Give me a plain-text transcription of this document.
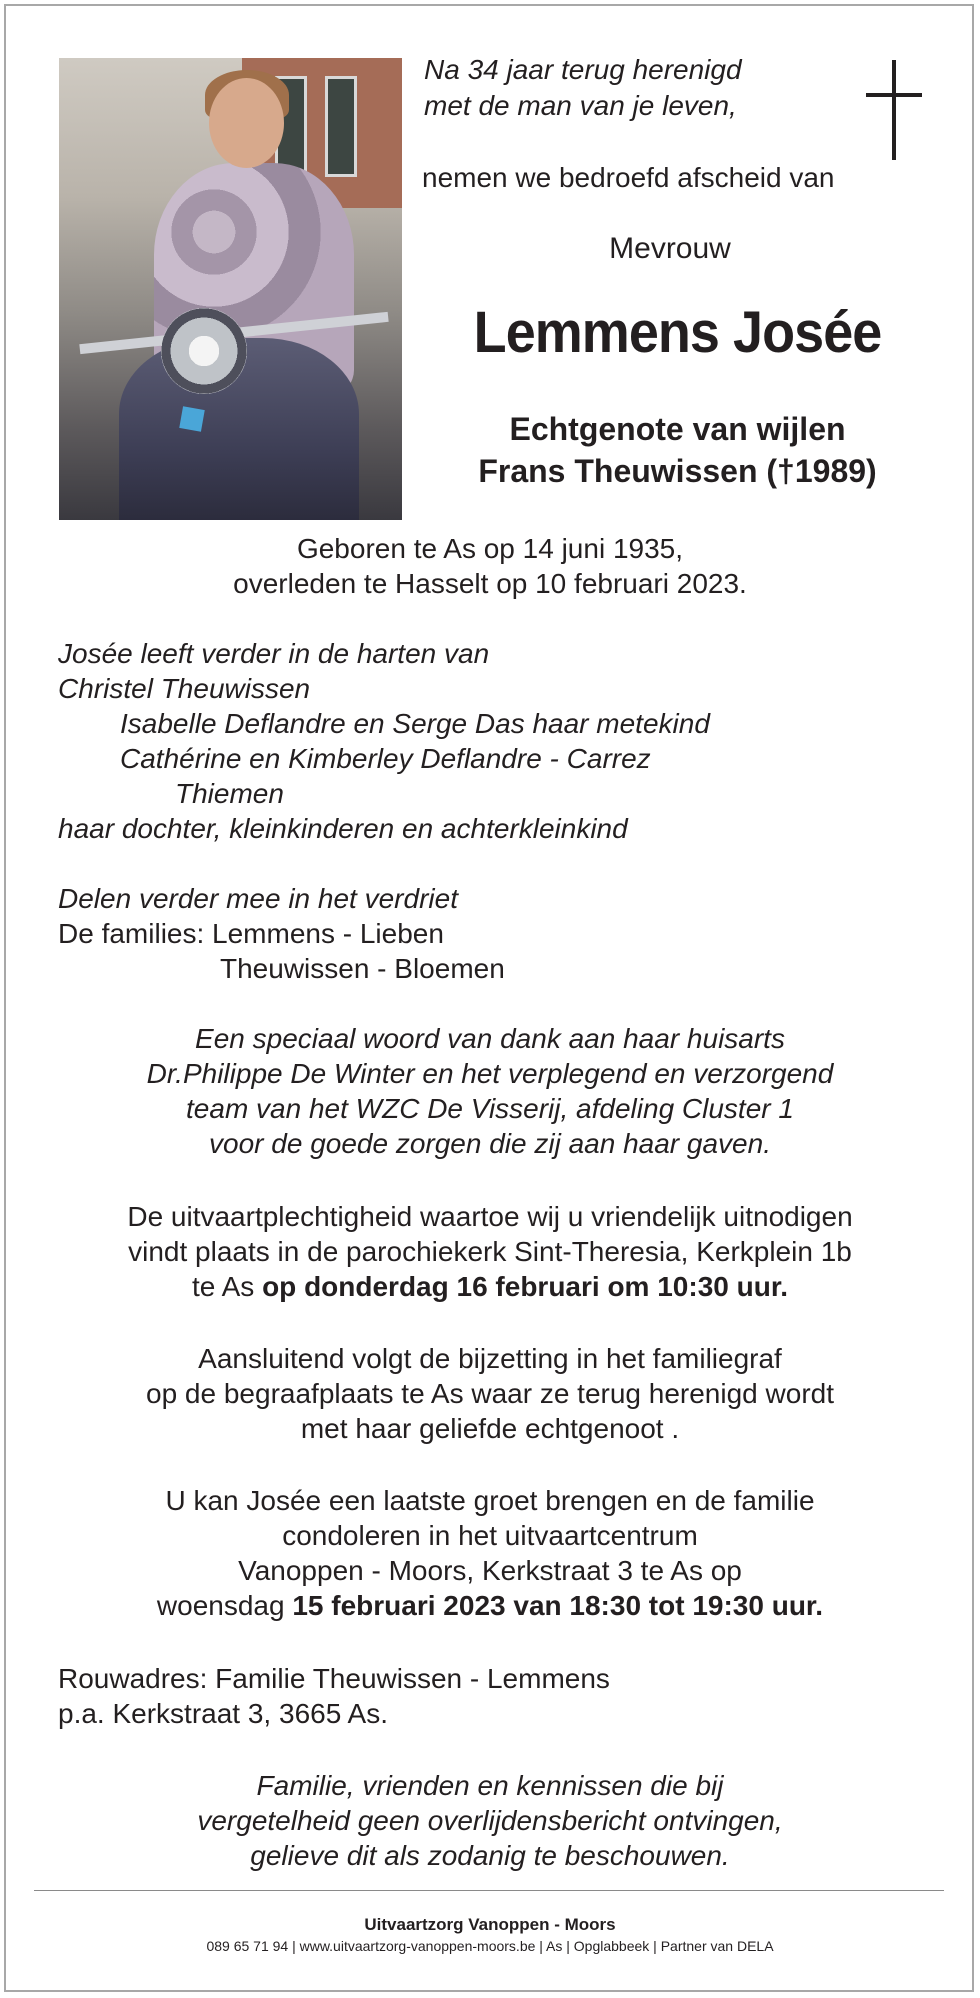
Na 34 jaar terug herenigd
met de man van je leven,
nemen we bedroefd afscheid van
Mevrouw
Lemmens Josée
Echtgenote van wijlen
Frans Theuwissen (†1989)
Geboren te As op 14 juni 1935,
overleden te Hasselt op 10 februari 2023.
Josée leeft verder in de harten van
Christel Theuwissen
Isabelle Deflandre en Serge Das haar metekind
Cathérine en Kimberley Deflandre - Carrez
Thiemen
haar dochter, kleinkinderen en achterkleinkind
Delen verder mee in het verdriet
De families: Lemmens - Lieben
Theuwissen - Bloemen
Een speciaal woord van dank aan haar huisarts
Dr.Philippe De Winter en het verplegend en verzorgend
team van het WZC De Visserij, afdeling Cluster 1
voor de goede zorgen die zij aan haar gaven.
De uitvaartplechtigheid waartoe wij u vriendelijk uitnodigen
vindt plaats in de parochiekerk Sint-Theresia, Kerkplein 1b
te As op donderdag 16 februari om 10:30 uur.
Aansluitend volgt de bijzetting in het familiegraf
op de begraafplaats te As waar ze terug herenigd wordt
met haar geliefde echtgenoot .
U kan Josée een laatste groet brengen en de familie
condoleren in het uitvaartcentrum
Vanoppen - Moors, Kerkstraat 3 te As op
woensdag 15 februari 2023 van 18:30 tot 19:30 uur.
Rouwadres: Familie Theuwissen - Lemmens
p.a. Kerkstraat 3, 3665 As.
Familie, vrienden en kennissen die bij
vergetelheid geen overlijdensbericht ontvingen,
gelieve dit als zodanig te beschouwen.
Uitvaartzorg Vanoppen - Moors
089 65 71 94 | www.uitvaartzorg-vanoppen-moors.be | As | Opglabbeek | Partner van DELA
